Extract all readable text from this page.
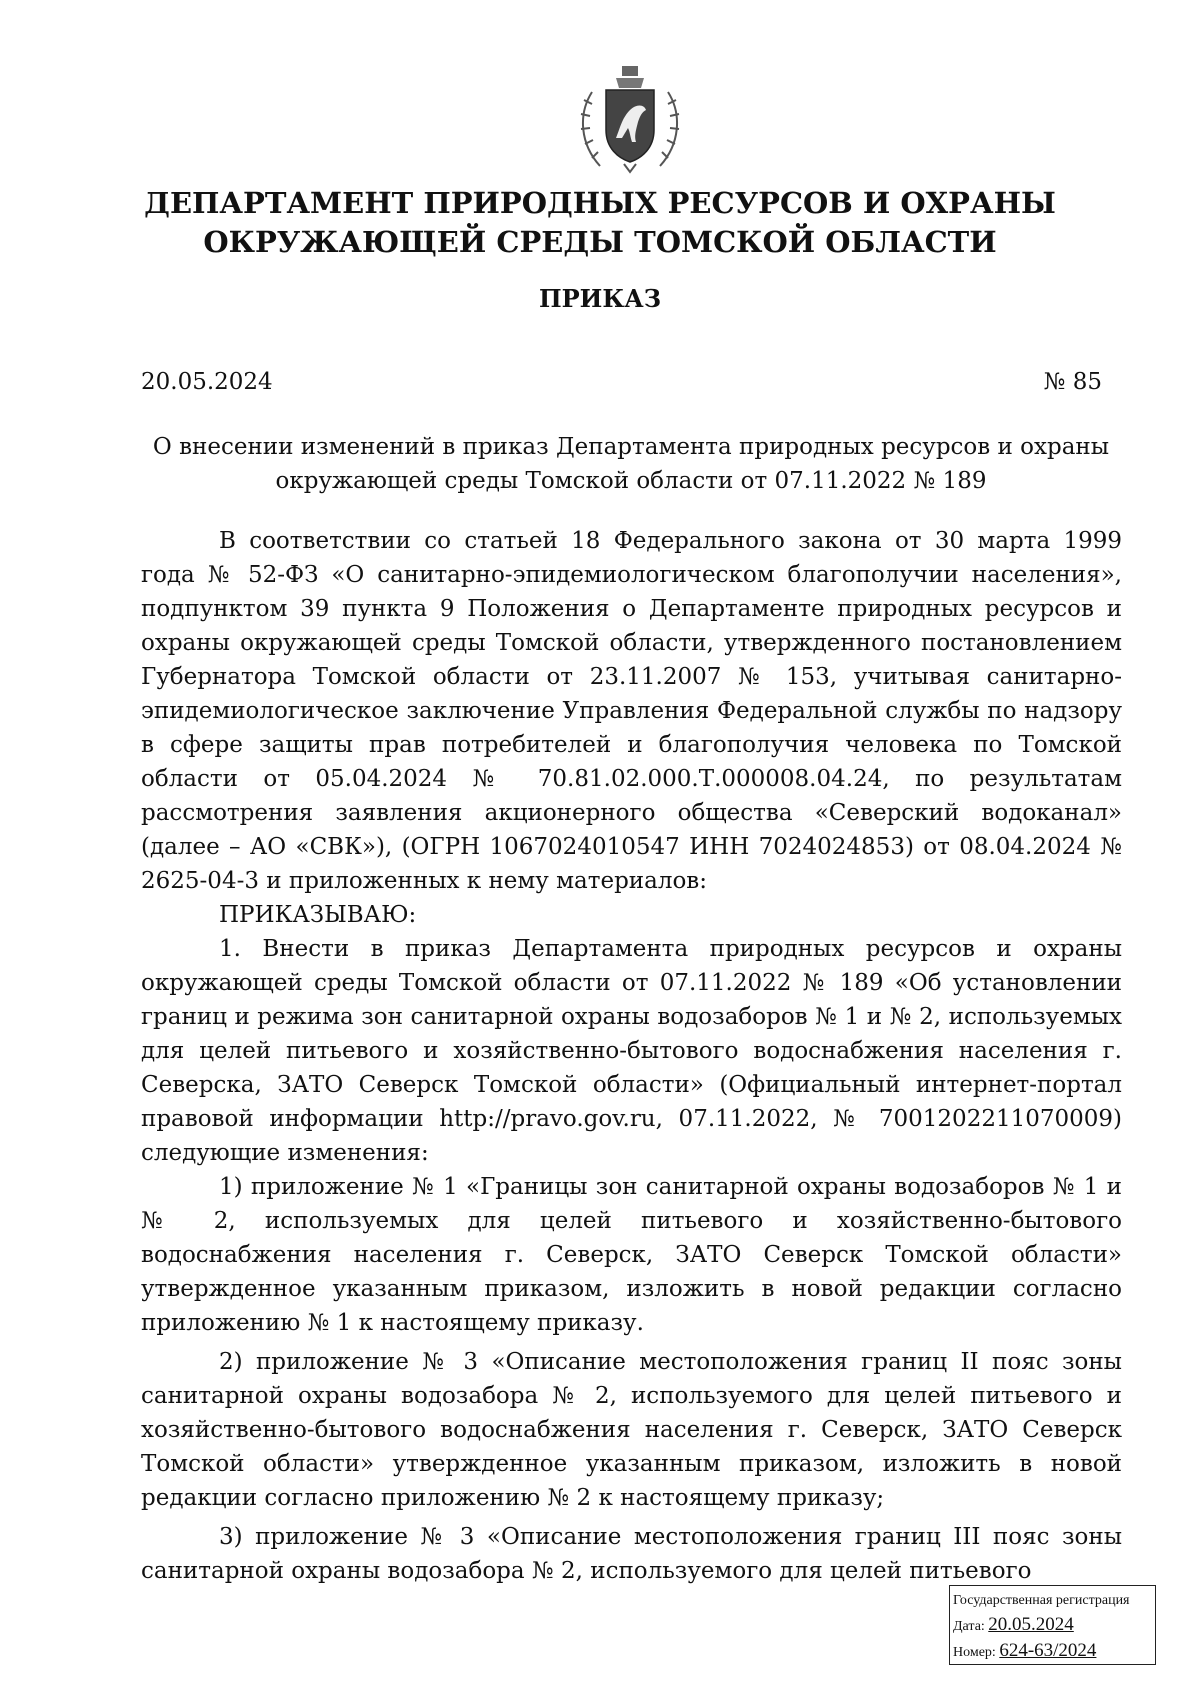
ДЕПАРТАМЕНТ ПРИРОДНЫХ РЕСУРСОВ И ОХРАНЫ
ОКРУЖАЮЩЕЙ СРЕДЫ ТОМСКОЙ ОБЛАСТИ
ПРИКАЗ
20.05.2024	№ 85
О внесении изменений в приказ Департамента природных ресурсов и охраны
окружающей среды Томской области от 07.11.2022 № 189

В соответствии со статьей 18 Федерального закона от 30 марта 1999 года № 52-ФЗ «О санитарно-эпидемиологическом благополучии населения», подпунктом 39 пункта 9 Положения о Департаменте природных ресурсов и охраны окружающей среды Томской области, утвержденного постановлением Губернатора Томской области от 23.11.2007 № 153, учитывая санитарно-эпидемиологическое заключение Управления Федеральной службы по надзору в сфере защиты прав потребителей и благополучия человека по Томской области от 05.04.2024 № 70.81.02.000.Т.000008.04.24, по результатам рассмотрения заявления акционерного общества «Северский водоканал» (далее – АО «СВК»), (ОГРН 1067024010547 ИНН 7024024853) от 08.04.2024 № 2625-04-3 и приложенных к нему материалов:

ПРИКАЗЫВАЮ:

1. Внести в приказ Департамента природных ресурсов и охраны окружающей среды Томской области от 07.11.2022 № 189 «Об установлении границ и режима зон санитарной охраны водозаборов № 1 и № 2, используемых для целей питьевого и хозяйственно-бытового водоснабжения населения г. Северска, ЗАТО Северск Томской области» (Официальный интернет-портал правовой информации http://pravo.gov.ru, 07.11.2022, № 7001202211070009) следующие изменения:

1) приложение № 1 «Границы зон санитарной охраны водозаборов № 1 и № 2, используемых для целей питьевого и хозяйственно-бытового водоснабжения населения г. Северск, ЗАТО Северск Томской области» утвержденное указанным приказом, изложить в новой редакции согласно приложению № 1 к настоящему приказу.

2) приложение № 3 «Описание местоположения границ II пояс зоны санитарной охраны водозабора № 2, используемого для целей питьевого и хозяйственно-бытового водоснабжения населения г. Северск, ЗАТО Северск Томской области» утвержденное указанным приказом, изложить в новой редакции согласно приложению № 2 к настоящему приказу;

3) приложение № 3 «Описание местоположения границ III пояс зоны санитарной охраны водозабора № 2, используемого для целей питьевого

Государственная регистрация
Дата: 20.05.2024
Номер: 624-63/2024
